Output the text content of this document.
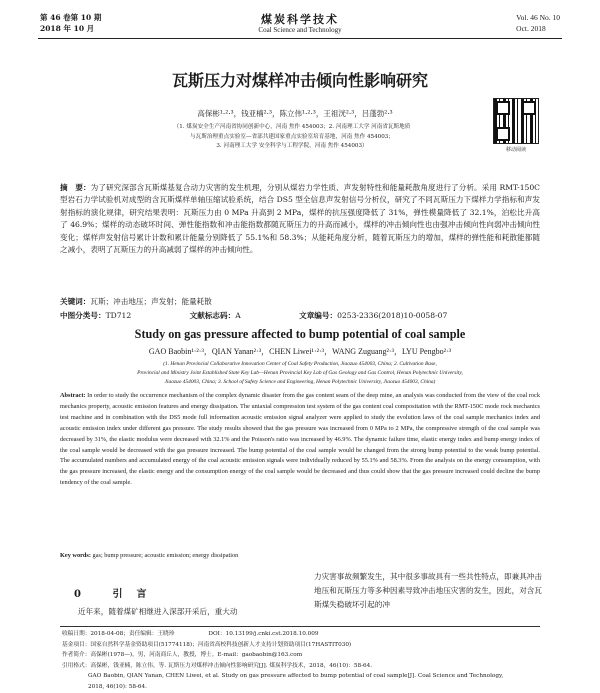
第 46 卷第 10 期
2018 年 10 月
煤炭科学技术
Coal Science and Technology
Vol. 46 No. 10
Oct. 2018
瓦斯压力对煤样冲击倾向性影响研究
高保彬¹·²·³，钱亚楠²·³，陈立伟¹·²·³，王祖洸²·³，吕蓬勃²·³
（1. 煤炭安全生产河南省协同创新中心，河南 焦作 454003；2. 河南理工大学 河南省瓦斯地质
与瓦斯治理重点实验室—省部共建国家重点实验室培育基地，河南 焦作 454003；
3. 河南理工大学 安全科学与工程学院，河南 焦作 454003）
移动阅读
摘　要：为了研究深部含瓦斯煤基复合动力灾害的发生机理，分别从煤岩力学性质、声发射特性和能量耗散角度进行了分析。采用 RMT-150C 型岩石力学试验机对成型的含瓦斯煤样单轴压缩试验系统，结合 DS5 型全信息声发射信号分析仪，研究了不同瓦斯压力下煤样力学指标和声发射指标的演化规律，研究结果表明：瓦斯压力由 0 MPa 升高到 2 MPa，煤样的抗压强度降低了 31%，弹性模量降低了 32.1%，泊松比升高了 46.9%；煤样的动态破坏时间、弹性能指数和冲击能指数都随瓦斯压力的升高而减小，煤样的冲击倾向性也由强冲击倾向性向弱冲击倾向性变化；煤样声发射信号累计计数和累计能量分别降低了 55.1%和 58.3%；从能耗角度分析，随着瓦斯压力的增加，煤样的弹性能和耗散能都随之减小，表明了瓦斯压力的升高减弱了煤样的冲击倾向性。
关键词：瓦斯；冲击地压；声发射；能量耗散
中图分类号：TD712	文献标志码：A	文章编号：0253-2336(2018)10-0058-07
Study on gas pressure affected to bump potential of coal sample
GAO Baobin¹·²·³，QIAN Yanan²·³，CHEN Liwei¹·²·³，WANG Zuguang²·³，LYU Pengbo²·³
(1. Henan Provincial Collaborative Innovation Center of Coal Safety Production, Jiaozuo 454003, China; 2. Cultivation Base,
Provincial and Ministry Joint Established State Key Lab—Henan Provincial Key Lab of Gas Geology and Gas Control, Henan Polytechnic University,
Jiaozuo 454003, China; 3. School of Safety Science and Engineering, Henan Polytechnic University, Jiaozuo 454003, China)
Abstract: In order to study the occurrence mechanism of the complex dynamic disaster from the gas content seam of the deep mine, an analysis was conducted from the view of the coal rock mechanics property, acoustic emission features and energy dissipation. The uniaxial compression test system of the gas content coal compositation with the RMT-150C mode rock mechanics test machine and in combination with the DS5 mode full information acoustic emission signal analyzer were applied to study the evolution laws of the coal sample mechanics index and acoustic emission index under different gas pressure. The study results showed that the gas pressure was increased from 0 MPa to 2 MPa, the compressive strength of the coal sample was decreased by 31%, the elastic modulus were decreased with 32.1% and the Poisson's ratio was increased by 46.9%. The dynamic failure time, elastic energy index and bump energy index of the coal sample would be decreased with the gas pressure increased. The bump potential of the coal sample would be changed from the strong bump potential to the weak bump potential. The accumulated numbers and accumulated energy of the coal acoustic emission signals were individually reduced by 55.1% and 58.3%. From the analysis on the energy consumption, with the gas pressure increased, the elastic energy and the consumption energy of the coal sample would be decreased and thus could show that the gas pressure increased could decline the bump tendency of the coal sample.
Key words: gas; bump pressure; acoustic emission; energy dissipation
0 引言
近年来，随着煤矿相继进入深部开采后，重大动
力灾害事故频繁发生，其中很多事故具有一些共性特点，即兼具冲击地压和瓦斯压力等多种因素导致冲击地压灾害的发生，因此，对含瓦斯煤失稳破坏引起的冲
收稿日期：2018-04-08；责任编辑：王晓珍	DOI：10.13199/j.cnki.cst.2018.10.009
基金项目：国家自然科学基金资助项目(51774118)；河南省高校科技创新人才支持计划资助项目(17HASTIT030)
作者简介：高保彬(1978—)，男，河南商丘人，教授，博士。E-mail：gaobaobin@163.com
引用格式：高保彬，钱亚楠，陈立伟，等. 瓦斯压力对煤样冲击倾向性影响研究[J]. 煤炭科学技术，2018，46(10)：58-64.
GAO Baobin, QIAN Yanan, CHEN Liwei, et al. Study on gas pressure affected to bump potential of coal sample[J]. Coal Science and Technology,
2018, 46(10): 58-64.
